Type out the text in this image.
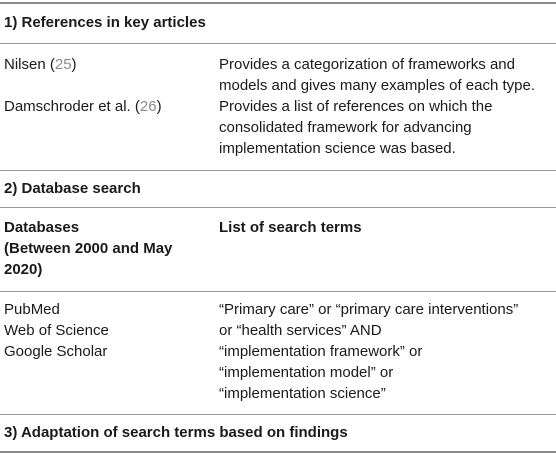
1) References in key articles

Nilsen (25)	Provides a categorization of frameworks and

models and gives many examples of each type.

Damschroder et al. (26)	Provides a list of references on which the

consolidated framework for advancing

implementation science was based.

2) Database search

Databases

(Between 2000 and May

2020)

List of search terms

PubMed

Web of Science

Google Scholar

“Primary care” or “primary care interventions”

or “health services” AND

“implementation framework” or

“implementation model” or

“implementation science”

3) Adaptation of search terms based on findings
